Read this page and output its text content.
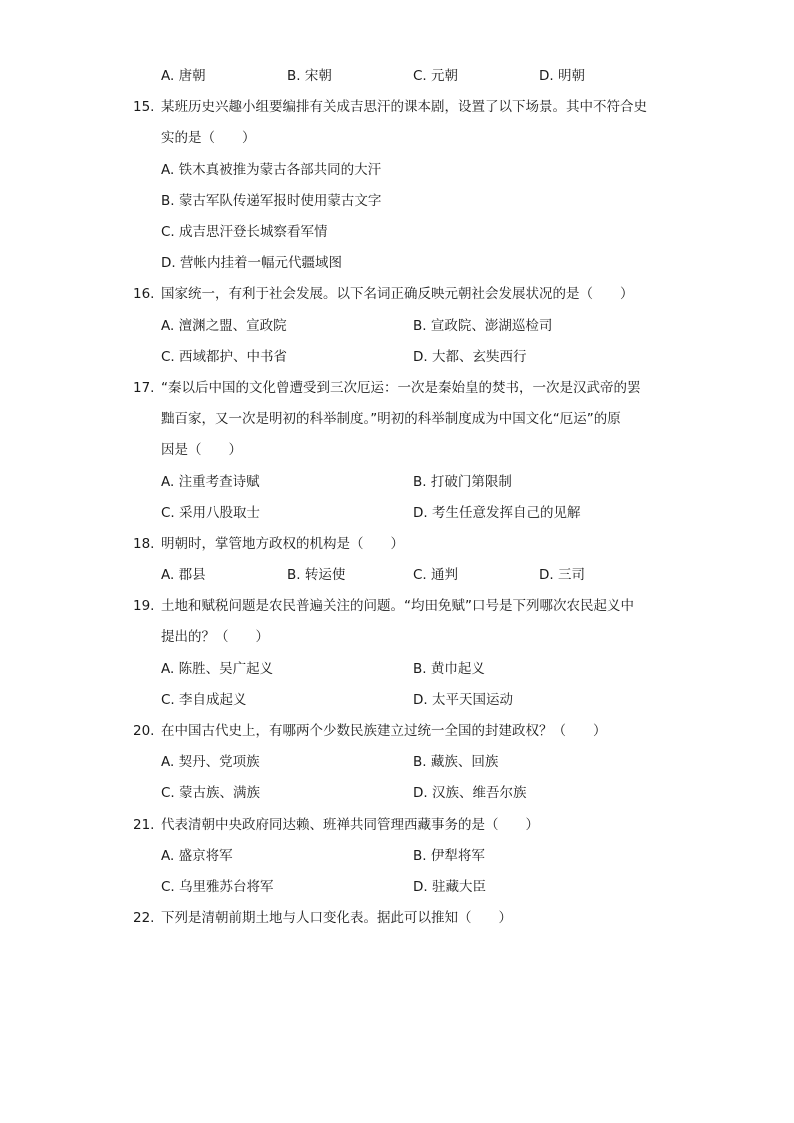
A. 唐朝	B. 宋朝	C. 元朝	D. 明朝
15. 某班历史兴趣小组要编排有关成吉思汗的课本剧，设置了以下场景。其中不符合史
实的是（　　）
A. 铁木真被推为蒙古各部共同的大汗
B. 蒙古军队传递军报时使用蒙古文字
C. 成吉思汗登长城察看军情
D. 营帐内挂着一幅元代疆域图
16. 国家统一，有利于社会发展。以下名词正确反映元朝社会发展状况的是（　　）
A. 澶渊之盟、宣政院	B. 宣政院、澎湖巡检司
C. 西域都护、中书省	D. 大都、玄奘西行
17. “秦以后中国的文化曾遭受到三次厄运：一次是秦始皇的焚书，一次是汉武帝的罢
黜百家，又一次是明初的科举制度。”明初的科举制度成为中国文化“厄运”的原
因是（　　）
A. 注重考查诗赋	B. 打破门第限制
C. 采用八股取士	D. 考生任意发挥自己的见解
18. 明朝时，掌管地方政权的机构是（　　）
A. 郡县	B. 转运使	C. 通判	D. 三司
19. 土地和赋税问题是农民普遍关注的问题。“均田免赋”口号是下列哪次农民起义中
提出的？（　　）
A. 陈胜、吴广起义	B. 黄巾起义
C. 李自成起义	D. 太平天国运动
20. 在中国古代史上，有哪两个少数民族建立过统一全国的封建政权？（　　）
A. 契丹、党项族	B. 藏族、回族
C. 蒙古族、满族	D. 汉族、维吾尔族
21. 代表清朝中央政府同达赖、班禅共同管理西藏事务的是（　　）
A. 盛京将军	B. 伊犁将军
C. 乌里雅苏台将军	D. 驻藏大臣
22. 下列是清朝前期土地与人口变化表。据此可以推知（　　）
